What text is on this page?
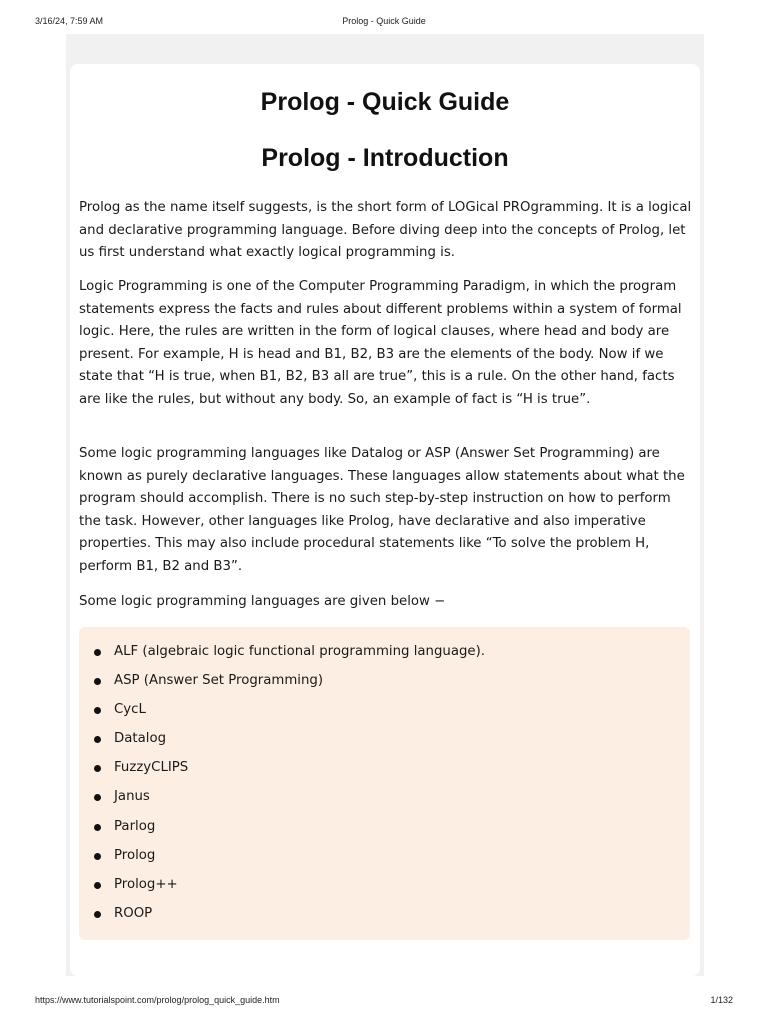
3/16/24, 7:59 AM	Prolog - Quick Guide
Prolog - Quick Guide
Prolog - Introduction

Prolog as the name itself suggests, is the short form of LOGical PROgramming. It is a logical and declarative programming language. Before diving deep into the concepts of Prolog, let us first understand what exactly logical programming is.

Logic Programming is one of the Computer Programming Paradigm, in which the program statements express the facts and rules about different problems within a system of formal logic. Here, the rules are written in the form of logical clauses, where head and body are present. For example, H is head and B1, B2, B3 are the elements of the body. Now if we state that “H is true, when B1, B2, B3 all are true”, this is a rule. On the other hand, facts are like the rules, but without any body. So, an example of fact is “H is true”.

Some logic programming languages like Datalog or ASP (Answer Set Programming) are known as purely declarative languages. These languages allow statements about what the program should accomplish. There is no such step-by-step instruction on how to perform the task. However, other languages like Prolog, have declarative and also imperative properties. This may also include procedural statements like “To solve the problem H, perform B1, B2 and B3”.

Some logic programming languages are given below −

ALF (algebraic logic functional programming language).
ASP (Answer Set Programming)
CycL
Datalog
FuzzyCLIPS
Janus
Parlog
Prolog
Prolog++
ROOP
https://www.tutorialspoint.com/prolog/prolog_quick_guide.htm	1/132
